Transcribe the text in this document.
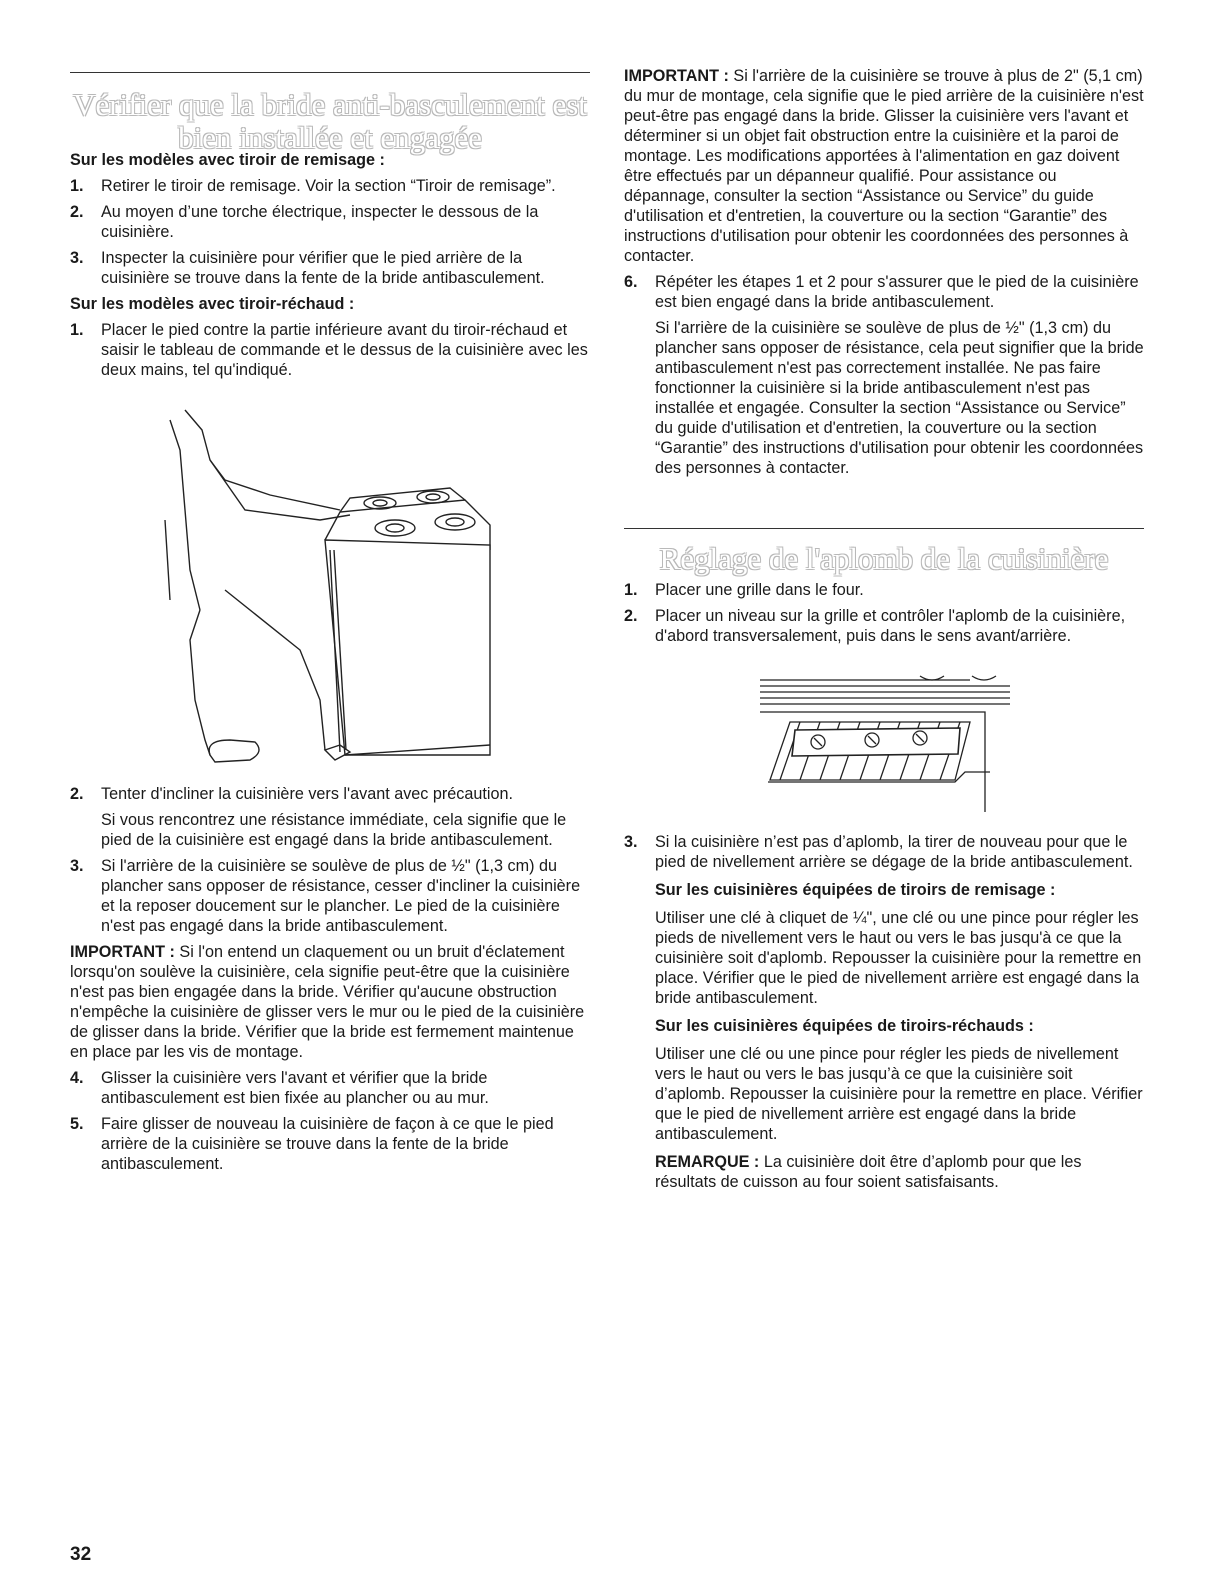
Vérifier que la bride anti-basculement est
bien installée et engagée
Sur les modèles avec tiroir de remisage :
1. Retirer le tiroir de remisage. Voir la section “Tiroir de remisage”.
2. Au moyen d’une torche électrique, inspecter le dessous de la cuisinière.
3. Inspecter la cuisinière pour vérifier que le pied arrière de la cuisinière se trouve dans la fente de la bride antibasculement.
Sur les modèles avec tiroir-réchaud :
1. Placer le pied contre la partie inférieure avant du tiroir-réchaud et saisir le tableau de commande et le dessus de la cuisinière avec les deux mains, tel qu'indiqué.
2. Tenter d'incliner la cuisinière vers l'avant avec précaution.
Si vous rencontrez une résistance immédiate, cela signifie que le pied de la cuisinière est engagé dans la bride antibasculement.
3. Si l'arrière de la cuisinière se soulève de plus de ½" (1,3 cm) du plancher sans opposer de résistance, cesser d'incliner la cuisinière et la reposer doucement sur le plancher. Le pied de la cuisinière n'est pas engagé dans la bride antibasculement.
IMPORTANT : Si l'on entend un claquement ou un bruit d'éclatement lorsqu'on soulève la cuisinière, cela signifie peut-être que la cuisinière n'est pas bien engagée dans la bride. Vérifier qu'aucune obstruction n'empêche la cuisinière de glisser vers le mur ou le pied de la cuisinière de glisser dans la bride. Vérifier que la bride est fermement maintenue en place par les vis de montage.
4. Glisser la cuisinière vers l'avant et vérifier que la bride antibasculement est bien fixée au plancher ou au mur.
5. Faire glisser de nouveau la cuisinière de façon à ce que le pied arrière de la cuisinière se trouve dans la fente de la bride antibasculement.
IMPORTANT : Si l'arrière de la cuisinière se trouve à plus de 2" (5,1 cm) du mur de montage, cela signifie que le pied arrière de la cuisinière n'est peut-être pas engagé dans la bride. Glisser la cuisinière vers l'avant et déterminer si un objet fait obstruction entre la cuisinière et la paroi de montage. Les modifications apportées à l'alimentation en gaz doivent être effectués par un dépanneur qualifié. Pour assistance ou dépannage, consulter la section “Assistance ou Service” du guide d'utilisation et d'entretien, la couverture ou la section “Garantie” des instructions d'utilisation pour obtenir les coordonnées des personnes à contacter.
6. Répéter les étapes 1 et 2 pour s'assurer que le pied de la cuisinière est bien engagé dans la bride antibasculement.
Si l'arrière de la cuisinière se soulève de plus de ½" (1,3 cm) du plancher sans opposer de résistance, cela peut signifier que la bride antibasculement n'est pas correctement installée. Ne pas faire fonctionner la cuisinière si la bride antibasculement n'est pas installée et engagée. Consulter la section “Assistance ou Service” du guide d'utilisation et d'entretien, la couverture ou la section “Garantie” des instructions d'utilisation pour obtenir les coordonnées des personnes à contacter.
Réglage de l'aplomb de la cuisinière
1. Placer une grille dans le four.
2. Placer un niveau sur la grille et contrôler l'aplomb de la cuisinière, d'abord transversalement, puis dans le sens avant/arrière.
3. Si la cuisinière n’est pas d’aplomb, la tirer de nouveau pour que le pied de nivellement arrière se dégage de la bride antibasculement.
Sur les cuisinières équipées de tiroirs de remisage :
Utiliser une clé à cliquet de ¼", une clé ou une pince pour régler les pieds de nivellement vers le haut ou vers le bas jusqu'à ce que la cuisinière soit d'aplomb. Repousser la cuisinière pour la remettre en place. Vérifier que le pied de nivellement arrière est engagé dans la bride antibasculement.
Sur les cuisinières équipées de tiroirs-réchauds :
Utiliser une clé ou une pince pour régler les pieds de nivellement vers le haut ou vers le bas jusqu’à ce que la cuisinière soit d’aplomb. Repousser la cuisinière pour la remettre en place. Vérifier que le pied de nivellement arrière est engagé dans la bride antibasculement.
REMARQUE : La cuisinière doit être d’aplomb pour que les résultats de cuisson au four soient satisfaisants.
32
